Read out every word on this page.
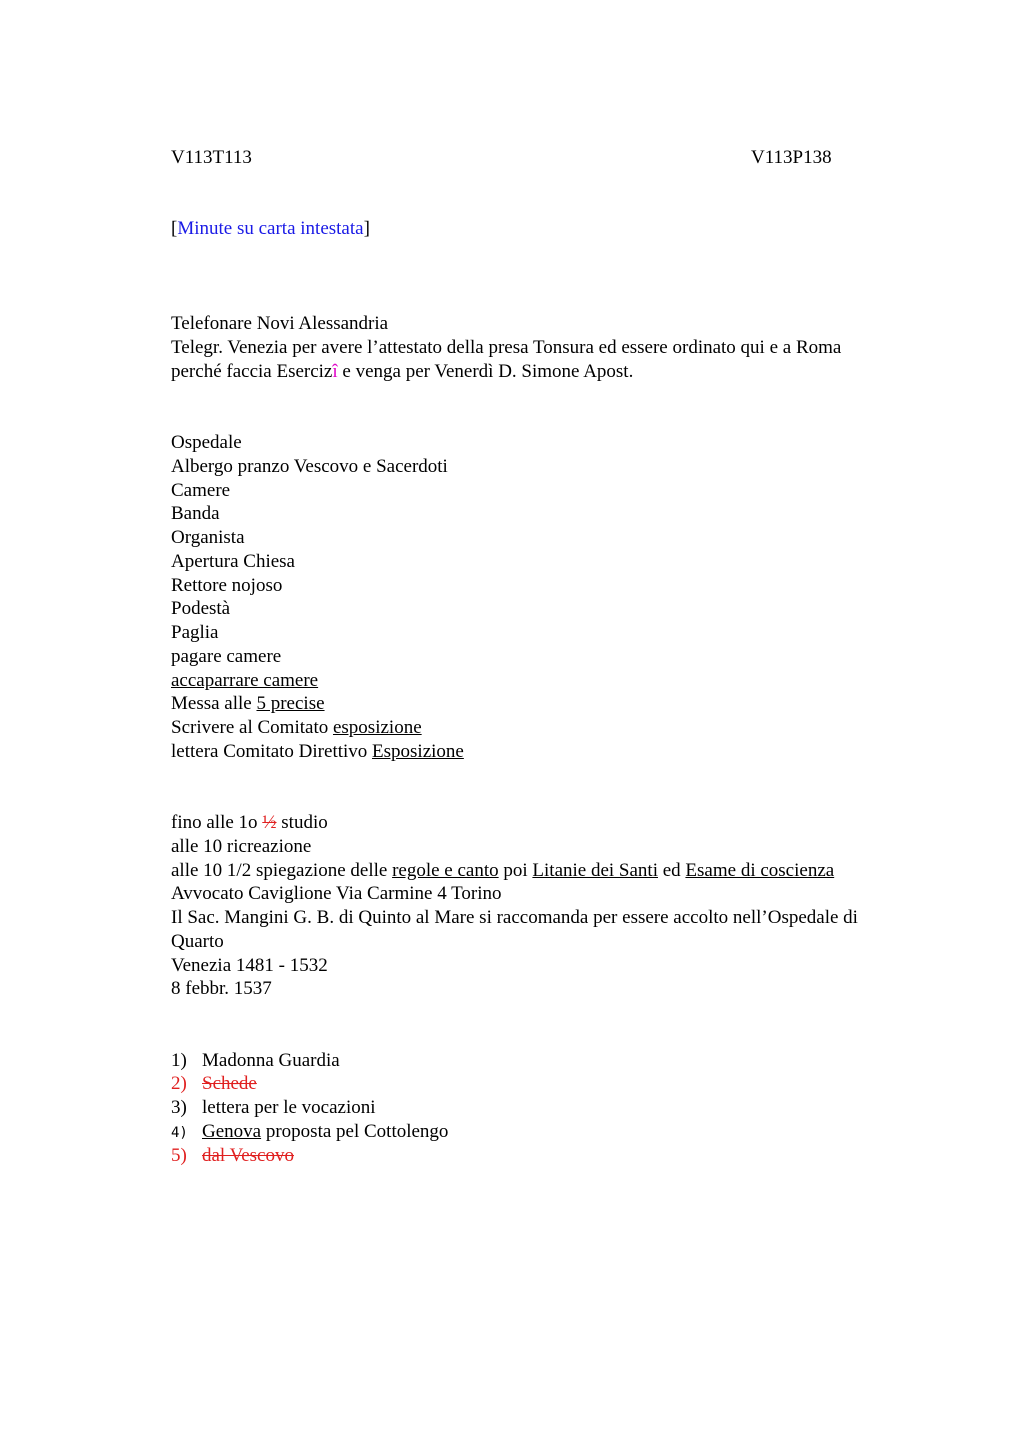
V113T113	V113P138
[Minute su carta intestata]
Telefonare Novi Alessandria
Telegr. Venezia per avere l’attestato della presa Tonsura ed essere ordinato qui e a Roma
perché faccia Esercizî e venga per Venerdì D. Simone Apost.
Ospedale
Albergo pranzo Vescovo e Sacerdoti
Camere
Banda
Organista
Apertura Chiesa
Rettore nojoso
Podestà
Paglia
pagare camere
accaparrare camere
Messa alle 5 precise
Scrivere al Comitato esposizione
lettera Comitato Direttivo Esposizione
fino alle 1o ½ studio
alle 10 ricreazione
alle 10 1/2 spiegazione delle regole e canto poi Litanie dei Santi ed Esame di coscienza
Avvocato Caviglione Via Carmine 4 Torino
Il Sac. Mangini G. B. di Quinto al Mare si raccomanda per essere accolto nell’Ospedale di
Quarto
Venezia 1481 - 1532
8 febbr. 1537
1) Madonna Guardia
2) Schede
3) lettera per le vocazioni
4) Genova proposta pel Cottolengo
5) dal Vescovo
